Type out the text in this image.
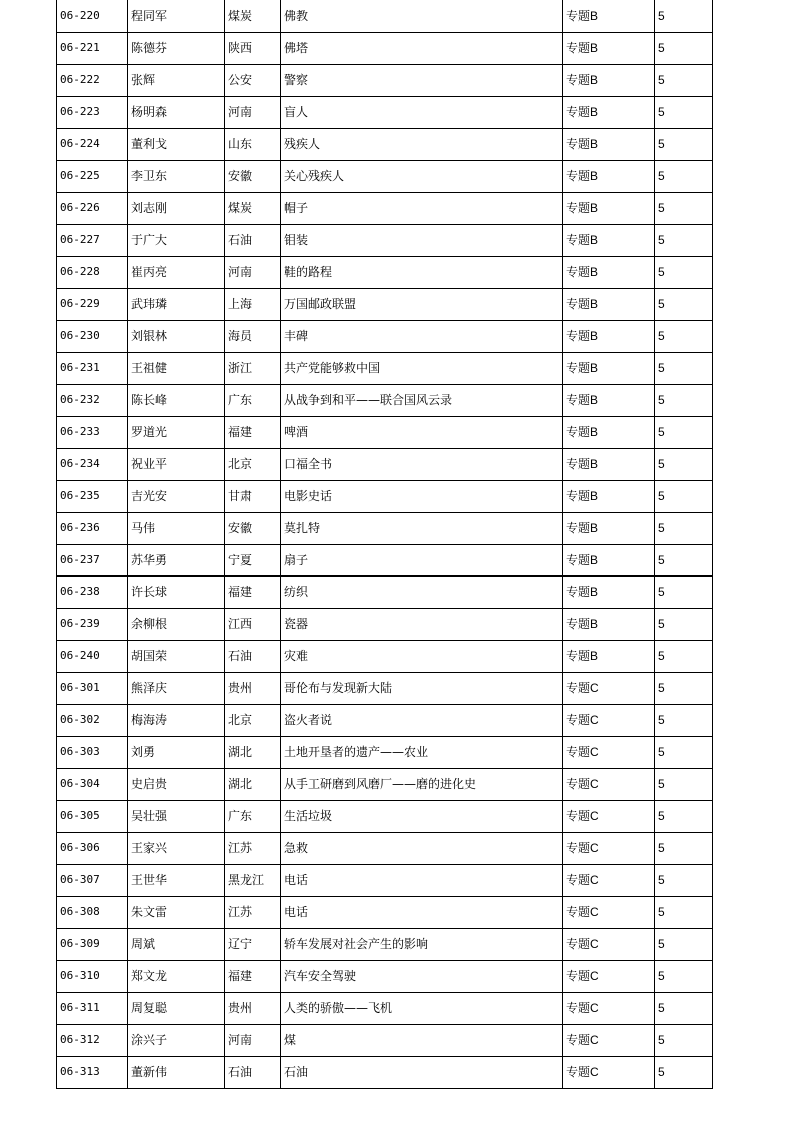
06-220	程同军	煤炭	佛教	专题B	5
06-221	陈德芬	陕西	佛塔	专题B	5
06-222	张辉	公安	警察	专题B	5
06-223	杨明森	河南	盲人	专题B	5
06-224	董利戈	山东	残疾人	专题B	5
06-225	李卫东	安徽	关心残疾人	专题B	5
06-226	刘志刚	煤炭	帽子	专题B	5
06-227	于广大	石油	钼装	专题B	5
06-228	崔丙亮	河南	鞋的路程	专题B	5
06-229	武玮璘	上海	万国邮政联盟	专题B	5
06-230	刘银林	海员	丰碑	专题B	5
06-231	王祖健	浙江	共产党能够救中国	专题B	5
06-232	陈长峰	广东	从战争到和平——联合国风云录	专题B	5
06-233	罗道光	福建	啤酒	专题B	5
06-234	祝业平	北京	口福全书	专题B	5
06-235	吉光安	甘肃	电影史话	专题B	5
06-236	马伟	安徽	莫扎特	专题B	5
06-237	苏华勇	宁夏	扇子	专题B	5
06-238	许长球	福建	纺织	专题B	5
06-239	余柳根	江西	瓷器	专题B	5
06-240	胡国荣	石油	灾难	专题B	5
06-301	熊泽庆	贵州	哥伦布与发现新大陆	专题C	5
06-302	梅海涛	北京	盗火者说	专题C	5
06-303	刘勇	湖北	土地开垦者的遗产——农业	专题C	5
06-304	史启贵	湖北	从手工研磨到风磨厂——磨的进化史	专题C	5
06-305	吴壮强	广东	生活垃圾	专题C	5
06-306	王家兴	江苏	急救	专题C	5
06-307	王世华	黑龙江	电话	专题C	5
06-308	朱文雷	江苏	电话	专题C	5
06-309	周斌	辽宁	轿车发展对社会产生的影响	专题C	5
06-310	郑文龙	福建	汽车安全驾驶	专题C	5
06-311	周复聪	贵州	人类的骄傲——飞机	专题C	5
06-312	涂兴子	河南	煤	专题C	5
06-313	董新伟	石油	石油	专题C	5
